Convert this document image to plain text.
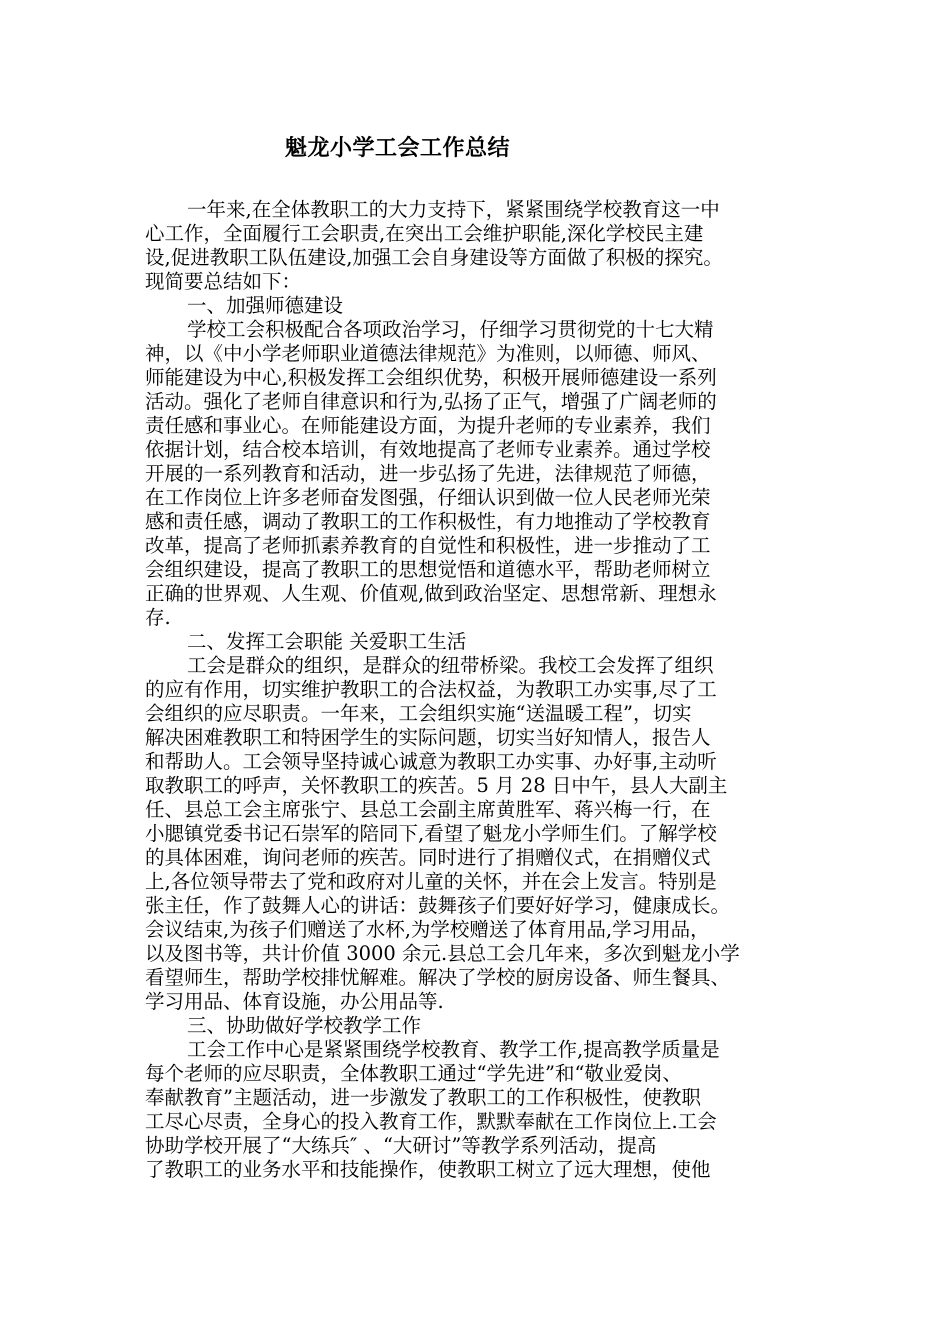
魁龙小学工会工作总结
一年来,在全体教职工的大力支持下，紧紧围绕学校教育这一中
心工作，全面履行工会职责,在突出工会维护职能,深化学校民主建
设,促进教职工队伍建设,加强工会自身建设等方面做了积极的探究。
现简要总结如下：
一、加强师德建设
学校工会积极配合各项政治学习，仔细学习贯彻党的十七大精
神，以《中小学老师职业道德法律规范》为准则，以师德、师风、
师能建设为中心,积极发挥工会组织优势，积极开展师德建设一系列
活动。强化了老师自律意识和行为,弘扬了正气，增强了广阔老师的
责任感和事业心。在师能建设方面，为提升老师的专业素养，我们
依据计划，结合校本培训，有效地提高了老师专业素养。通过学校
开展的一系列教育和活动，进一步弘扬了先进，法律规范了师德，
在工作岗位上许多老师奋发图强，仔细认识到做一位人民老师光荣
感和责任感，调动了教职工的工作积极性，有力地推动了学校教育
改革，提高了老师抓素养教育的自觉性和积极性，进一步推动了工
会组织建设，提高了教职工的思想觉悟和道德水平，帮助老师树立
正确的世界观、人生观、价值观,做到政治坚定、思想常新、理想永
存.
二、发挥工会职能 关爱职工生活
工会是群众的组织，是群众的纽带桥梁。我校工会发挥了组织
的应有作用，切实维护教职工的合法权益，为教职工办实事,尽了工
会组织的应尽职责。一年来，工会组织实施“送温暖工程”，切实
解决困难教职工和特困学生的实际问题，切实当好知情人，报告人
和帮助人。工会领导坚持诚心诚意为教职工办实事、办好事,主动听
取教职工的呼声，关怀教职工的疾苦。5 月 28 日中午，县人大副主
任、县总工会主席张宁、县总工会副主席黄胜军、蒋兴梅一行，在
小腮镇党委书记石崇军的陪同下,看望了魁龙小学师生们。了解学校
的具体困难，询问老师的疾苦。同时进行了捐赠仪式，在捐赠仪式
上,各位领导带去了党和政府对儿童的关怀，并在会上发言。特别是
张主任，作了鼓舞人心的讲话：鼓舞孩子们要好好学习，健康成长。
会议结束,为孩子们赠送了水杯,为学校赠送了体育用品,学习用品，
以及图书等，共计价值 3000 余元.县总工会几年来，多次到魁龙小学
看望师生，帮助学校排忧解难。解决了学校的厨房设备、师生餐具、
学习用品、体育设施，办公用品等.
三、协助做好学校教学工作
工会工作中心是紧紧围绕学校教育、教学工作,提高教学质量是
每个老师的应尽职责，全体教职工通过“学先进”和“敬业爱岗、
奉献教育”主题活动，进一步激发了教职工的工作积极性，使教职
工尽心尽责，全身心的投入教育工作，默默奉献在工作岗位上.工会
协助学校开展了“大练兵″ 、“大研讨”等教学系列活动，提高
了教职工的业务水平和技能操作，使教职工树立了远大理想，使他
